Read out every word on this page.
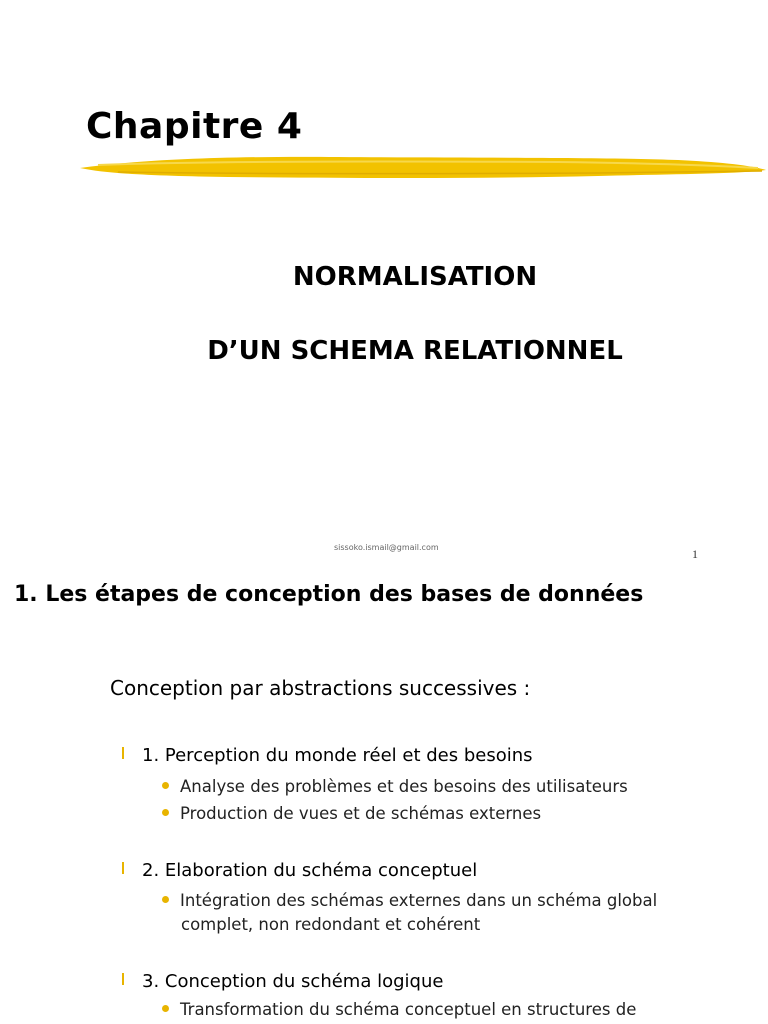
Chapitre 4
NORMALISATION
D’UN SCHEMA RELATIONNEL
sissoko.ismail@gmail.com	1
1. Les étapes de conception des bases de données
Conception par abstractions successives :
1. Perception du monde réel et des besoins
Analyse des problèmes et des besoins des utilisateurs
Production de vues et de schémas externes
2. Elaboration du schéma conceptuel
Intégration des schémas externes dans un schéma global
complet, non redondant et cohérent
3. Conception du schéma logique
Transformation du schéma conceptuel en structures de
